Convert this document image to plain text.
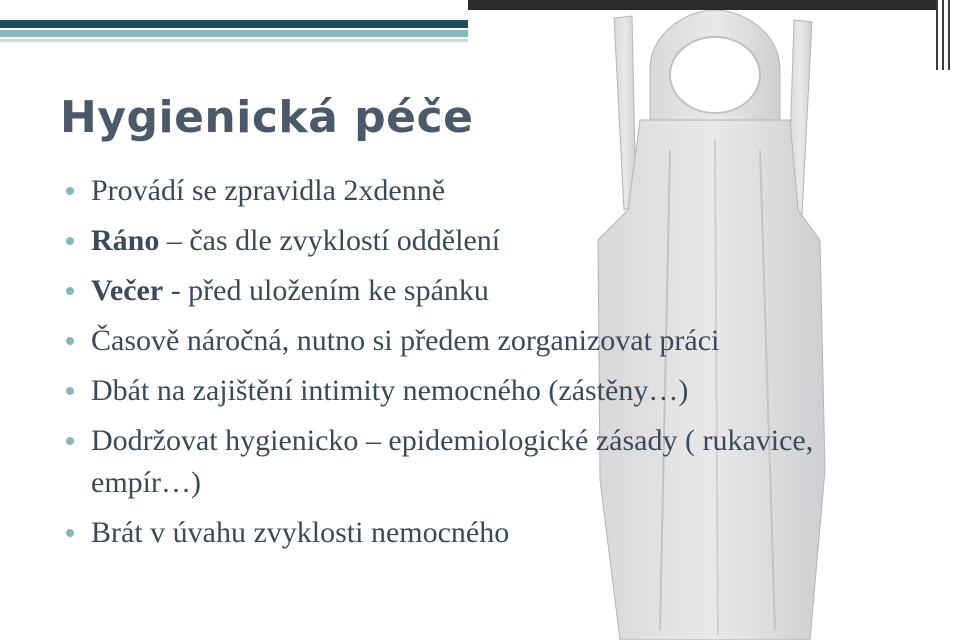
Hygienická péče
Provádí se zpravidla 2xdenně
Ráno – čas dle zvyklostí oddělení
Večer - před uložením ke spánku
Časově náročná, nutno si předem zorganizovat práci
Dbát na zajištění intimity nemocného (zástěny…)
Dodržovat hygienicko – epidemiologické zásady ( rukavice, empír…)
Brát v úvahu zvyklosti nemocného
